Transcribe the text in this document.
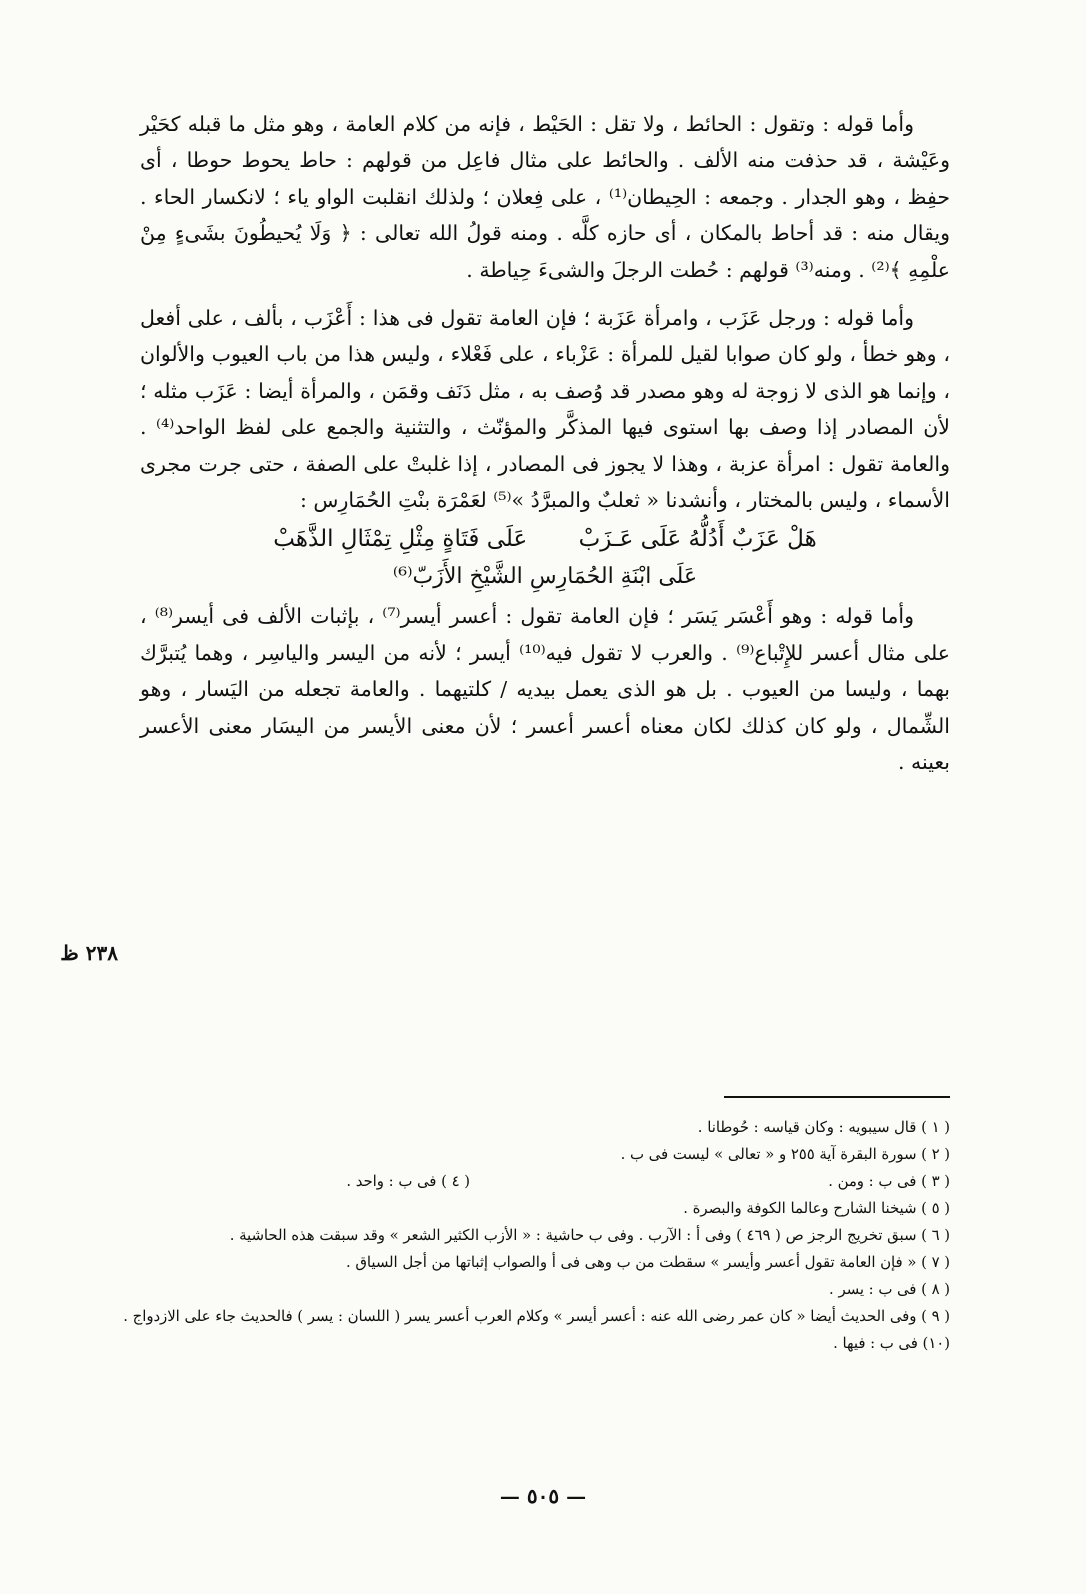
وأما قوله : وتقول : الحائط ، ولا تقل : الحَيْط ، فإنه من كلام العامة ، وهو مثل ما قبله كحَيْر وعَيْشة ، قد حذفت منه الألف . والحائط على مثال فاعِل من قولهم : حاط يحوط حوطا ، أى حفِظ ، وهو الجدار . وجمعه : الحِيطان⁽¹⁾ ، على فِعلان ؛ ولذلك انقلبت الواو ياء ؛ لانكسار الحاء . ويقال منه : قد أحاط بالمكان ، أى حازه كلَّه . ومنه قولُ الله تعالى : ﴿ وَلَا يُحيطُونَ بشَىءٍ مِنْ علْمِهِ ﴾⁽²⁾ . ومنه⁽³⁾ قولهم : حُطت الرجلَ والشىءَ حِياطة .

وأما قوله : ورجل عَزَب ، وامرأة عَزَبة ؛ فإن العامة تقول فى هذا : أَعْزَب ، بألف ، على أفعل ، وهو خطأ ، ولو كان صوابا لقيل للمرأة : عَزْباء ، على فَعْلاء ، وليس هذا من باب العيوب والألوان ، وإنما هو الذى لا زوجة له وهو مصدر قد وُصف به ، مثل دَنَف وقمَن ، والمرأة أيضا : عَزَب مثله ؛ لأن المصادر إذا وصف بها استوى فيها المذكَّر والمؤنّث ، والتثنية والجمع على لفظ الواحد⁽⁴⁾ . والعامة تقول : امرأة عزبة ، وهذا لا يجوز فى المصادر ، إذا غلبتْ على الصفة ، حتى جرت مجرى الأسماء ، وليس بالمختار ، وأنشدنا « ثعلبٌ والمبرَّدُ »⁽⁵⁾ لعَمْرَة بنْتِ الحُمَارِس :

هَلْ عَزَبٌ أَدُلُّهُ عَلَى عَـزَبْ عَلَى فَتَاةٍ مِثْلِ تِمْثَالِ الذَّهَبْ
عَلَى ابْنَةِ الحُمَارِسِ الشَّيْخِ الأَزَبّ⁽⁶⁾

وأما قوله : وهو أَعْسَر يَسَر ؛ فإن العامة تقول : أعسر أيسر⁽⁷⁾ ، بإثبات الألف فى أيسر⁽⁸⁾ ، على مثال أعسر للإِتْباع⁽⁹⁾ . والعرب لا تقول فيه⁽¹⁰⁾ أيسر ؛ لأنه من اليسر والياسِر ، وهما يُتبرَّك بهما ، وليسا من العيوب . بل هو الذى يعمل بيديه / كلتيهما . والعامة تجعله من اليَسار ، وهو الشِّمال ، ولو كان كذلك لكان معناه أعسر أعسر ؛ لأن معنى الأيسر من اليسَار معنى الأعسر بعينه .

٢٣٨ ظ

( ١ ) قال سيبويه : وكان قياسه : حُوطانا .

( ٢ ) سورة البقرة آية ٢٥٥ و « تعالى » ليست فى ب .

( ٣ ) فى ب : ومن .

( ٤ ) فى ب : واحد .

( ٥ ) شيخنا الشارح وعالما الكوفة والبصرة .

( ٦ ) سبق تخريج الرجز ص ( ٤٦٩ ) وفى أ : الآرب . وفى ب حاشية : « الأزب الكثير الشعر » وقد سبقت هذه الحاشية .

( ٧ ) « فإن العامة تقول أعسر وأيسر » سقطت من ب وهى فى أ والصواب إثباتها من أجل السياق .

( ٨ ) فى ب : يسر .

( ٩ ) وفى الحديث أيضا « كان عمر رضى الله عنه : أعسر أيسر » وكلام العرب أعسر يسر ( اللسان : يسر ) فالحديث جاء على الازدواج .

(١٠) فى ب : فيها .

— ٥٠٥ —
